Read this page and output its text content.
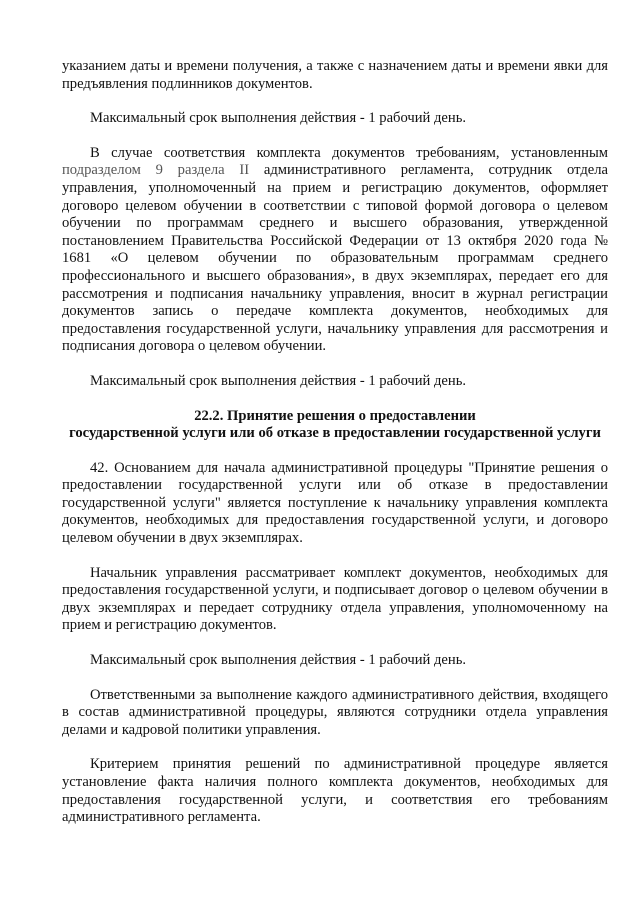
указанием даты и времени получения, а также с назначением даты и времени явки для предъявления подлинников документов.

Максимальный срок выполнения действия - 1 рабочий день.

В случае соответствия комплекта документов требованиям, установленным подразделом 9 раздела II административного регламента, сотрудник отдела управления, уполномоченный на прием и регистрацию документов, оформляет договоро целевом обучении в соответствии с типовой формой договора о целевом обучении по программам среднего и высшего образования, утвержденной постановлением Правительства Российской Федерации от 13 октября 2020 года № 1681 «О целевом обучении по образовательным программам среднего профессионального и высшего образования», в двух экземплярах, передает его для рассмотрения и подписания начальнику управления, вносит в журнал регистрации документов запись о передаче комплекта документов, необходимых для предоставления государственной услуги, начальнику управления для рассмотрения и подписания договора о целевом обучении.

Максимальный срок выполнения действия - 1 рабочий день.

22.2. Принятие решения о предоставлении

государственной услуги или об отказе в предоставлении государственной услуги

42. Основанием для начала административной процедуры "Принятие решения о предоставлении государственной услуги или об отказе в предоставлении государственной услуги" является поступление к начальнику управления комплекта документов, необходимых для предоставления государственной услуги, и договоро целевом обучении в двух экземплярах.

Начальник управления рассматривает комплект документов, необходимых для предоставления государственной услуги, и подписывает договор о целевом обучении в двух экземплярах и передает сотруднику отдела управления, уполномоченному на прием и регистрацию документов.

Максимальный срок выполнения действия - 1 рабочий день.

Ответственными за выполнение каждого административного действия, входящего в состав административной процедуры, являются сотрудники отдела управления делами и кадровой политики управления.

Критерием принятия решений по административной процедуре является установление факта наличия полного комплекта документов, необходимых для предоставления государственной услуги, и соответствия его требованиям административного регламента.
